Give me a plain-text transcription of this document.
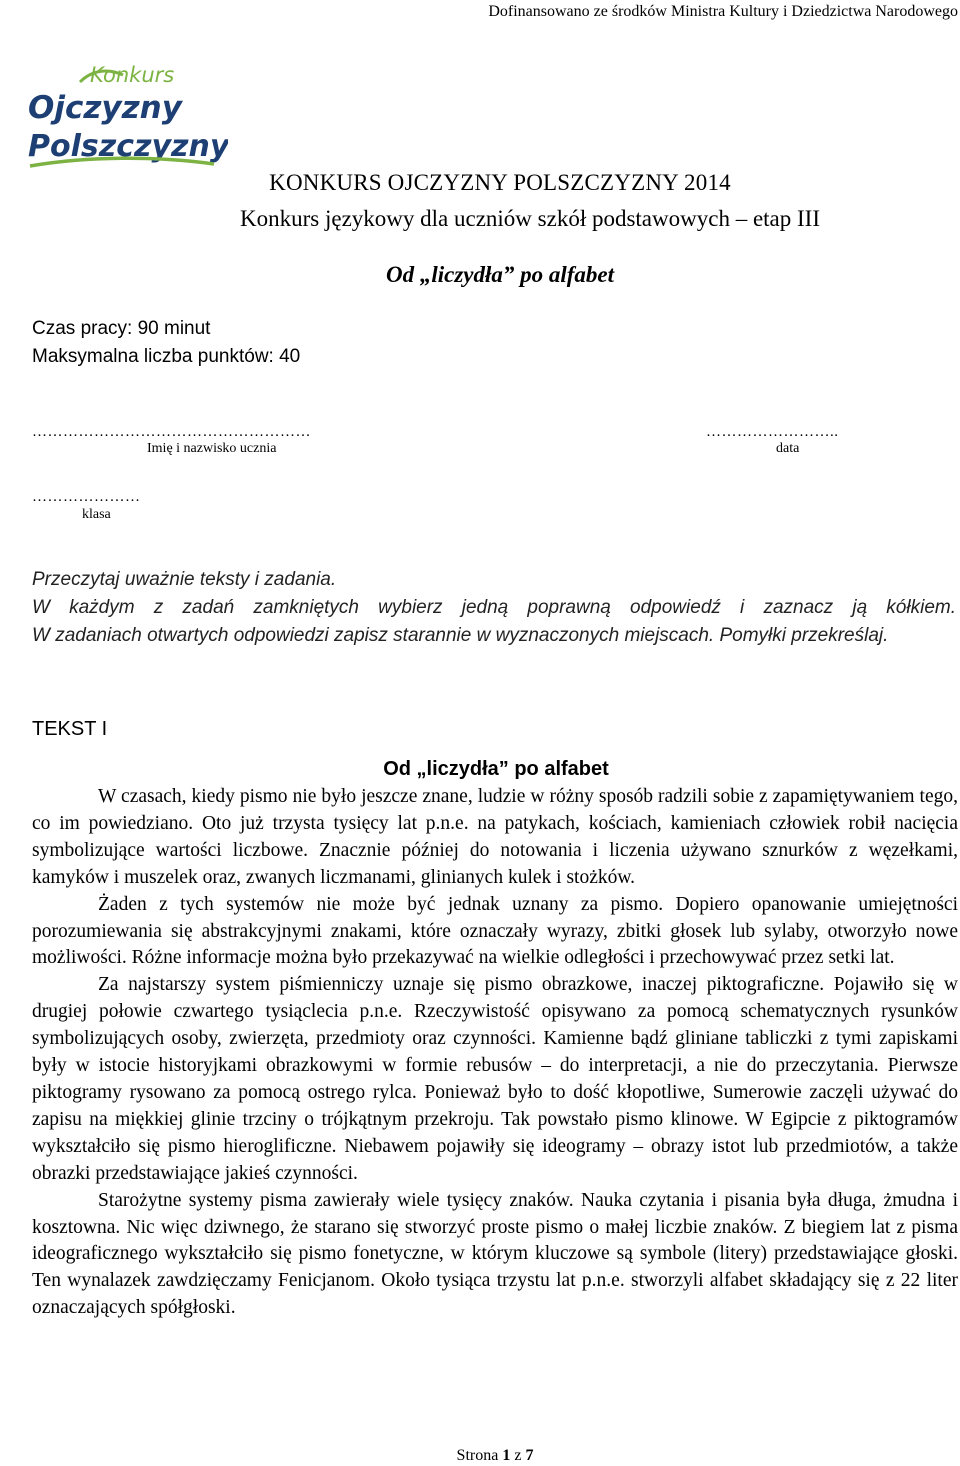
Dofinansowano ze środków Ministra Kultury i Dziedzictwa Narodowego
Konkurs
Ojczyzny
Polszczyzny
KONKURS OJCZYZNY POLSZCZYZNY 2014
Konkurs językowy dla uczniów szkół podstawowych – etap III
Od „liczydła” po alfabet
Czas pracy: 90 minut
Maksymalna liczba punktów: 40
………………………………………………
Imię i nazwisko ucznia
……………………..
data
…………………
klasa

Przeczytaj uważnie teksty i zadania.

W każdym z zadań zamkniętych wybierz jedną poprawną odpowiedź i zaznacz ją kółkiem.

W zadaniach otwartych odpowiedzi zapisz starannie w wyznaczonych miejscach. Pomyłki przekreślaj.

TEKST I
Od „liczydła” po alfabet

W czasach, kiedy pismo nie było jeszcze znane, ludzie w różny sposób radzili sobie z zapamiętywaniem tego, co im powiedziano. Oto już trzysta tysięcy lat p.n.e. na patykach, kościach, kamieniach człowiek robił nacięcia symbolizujące wartości liczbowe. Znacznie później do notowania i liczenia używano sznurków z węzełkami, kamyków i muszelek oraz, zwanych liczmanami, glinianych kulek i stożków.

Żaden z tych systemów nie może być jednak uznany za pismo. Dopiero opanowanie umiejętności porozumiewania się abstrakcyjnymi znakami, które oznaczały wyrazy, zbitki głosek lub sylaby, otworzyło nowe możliwości. Różne informacje można było przekazywać na wielkie odległości i przechowywać przez setki lat.

Za najstarszy system piśmienniczy uznaje się pismo obrazkowe, inaczej piktograficzne. Pojawiło się w drugiej połowie czwartego tysiąclecia p.n.e. Rzeczywistość opisywano za pomocą schematycznych rysunków symbolizujących osoby, zwierzęta, przedmioty oraz czynności. Kamienne bądź gliniane tabliczki z tymi zapiskami były w istocie historyjkami obrazkowymi w formie rebusów – do interpretacji, a nie do przeczytania. Pierwsze piktogramy rysowano za pomocą ostrego rylca. Ponieważ było to dość kłopotliwe, Sumerowie zaczęli używać do zapisu na miękkiej glinie trzciny o trójkątnym przekroju. Tak powstało pismo klinowe. W Egipcie z piktogramów wykształciło się pismo hieroglificzne. Niebawem pojawiły się ideogramy – obrazy istot lub przedmiotów, a także obrazki przedstawiające jakieś czynności.

Starożytne systemy pisma zawierały wiele tysięcy znaków. Nauka czytania i pisania była długa, żmudna i kosztowna. Nic więc dziwnego, że starano się stworzyć proste pismo o małej liczbie znaków. Z biegiem lat z pisma ideograficznego wykształciło się pismo fonetyczne, w którym kluczowe są symbole (litery) przedstawiające głoski. Ten wynalazek zawdzięczamy Fenicjanom. Około tysiąca trzystu lat p.n.e. stworzyli alfabet składający się z 22 liter oznaczających spółgłoski.

Strona 1 z 7
